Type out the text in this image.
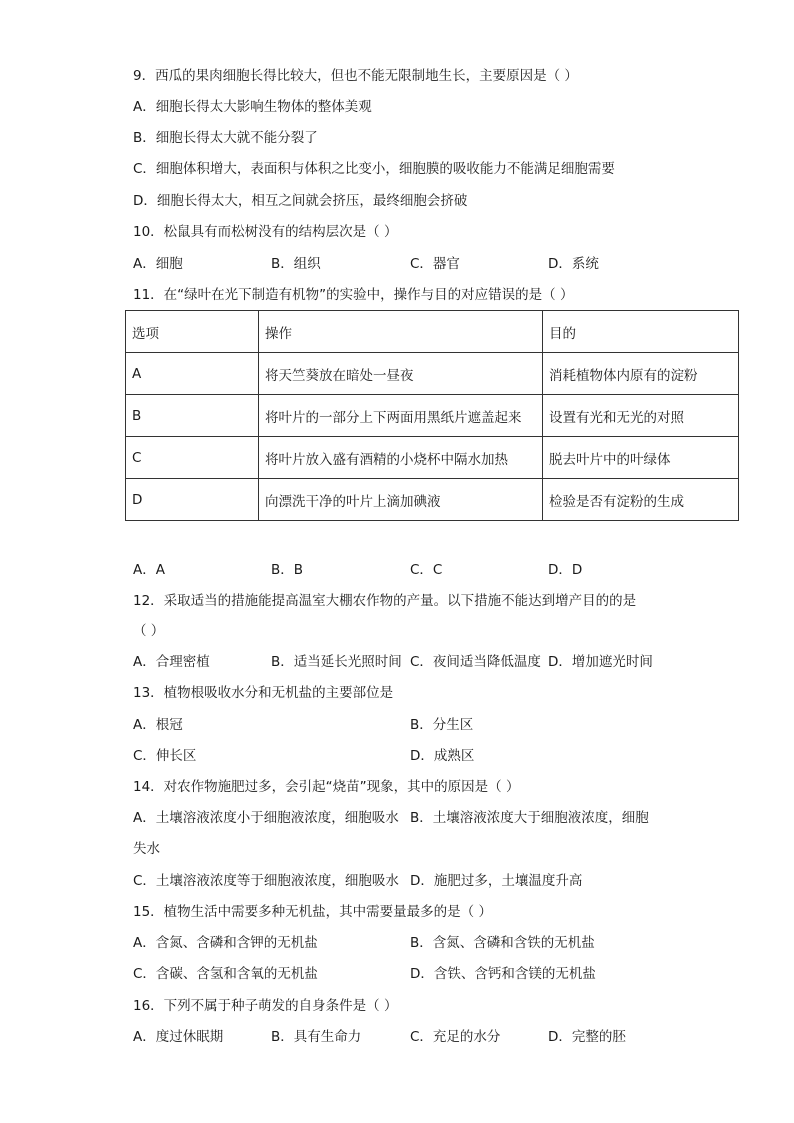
9．西瓜的果肉细胞长得比较大，但也不能无限制地生长，主要原因是（ ）
A．细胞长得太大影响生物体的整体美观
B．细胞长得太大就不能分裂了
C．细胞体积增大，表面积与体积之比变小，细胞膜的吸收能力不能满足细胞需要
D．细胞长得太大，相互之间就会挤压，最终细胞会挤破
10．松鼠具有而松树没有的结构层次是（ ）
A．细胞	B．组织	C．器官	D．系统
11．在“绿叶在光下制造有机物”的实验中，操作与目的对应错误的是（ ）
选项	操作	目的
A	将天竺葵放在暗处一昼夜	消耗植物体内原有的淀粉
B	将叶片的一部分上下两面用黑纸片遮盖起来	设置有光和无光的对照
C	将叶片放入盛有酒精的小烧杯中隔水加热	脱去叶片中的叶绿体
D	向漂洗干净的叶片上滴加碘液	检验是否有淀粉的生成
A．A	B．B	C．C	D．D
12．采取适当的措施能提高温室大棚农作物的产量。以下措施不能达到增产目的的是
（ ）
A．合理密植	B．适当延长光照时间 C．夜间适当降低温度 D．增加遮光时间
13．植物根吸收水分和无机盐的主要部位是
A．根冠	B．分生区
C．伸长区	D．成熟区
14．对农作物施肥过多，会引起“烧苗”现象，其中的原因是（ ）
A．土壤溶液浓度小于细胞液浓度，细胞吸水 B．土壤溶液浓度大于细胞液浓度，细胞
失水
C．土壤溶液浓度等于细胞液浓度，细胞吸水 D．施肥过多，土壤温度升高
15．植物生活中需要多种无机盐，其中需要量最多的是（ ）
A．含氮、含磷和含钾的无机盐	B．含氮、含磷和含铁的无机盐
C．含碳、含氢和含氧的无机盐	D．含铁、含钙和含镁的无机盐
16．下列不属于种子萌发的自身条件是（ ）
A．度过休眠期	B．具有生命力	C．充足的水分	D．完整的胚
